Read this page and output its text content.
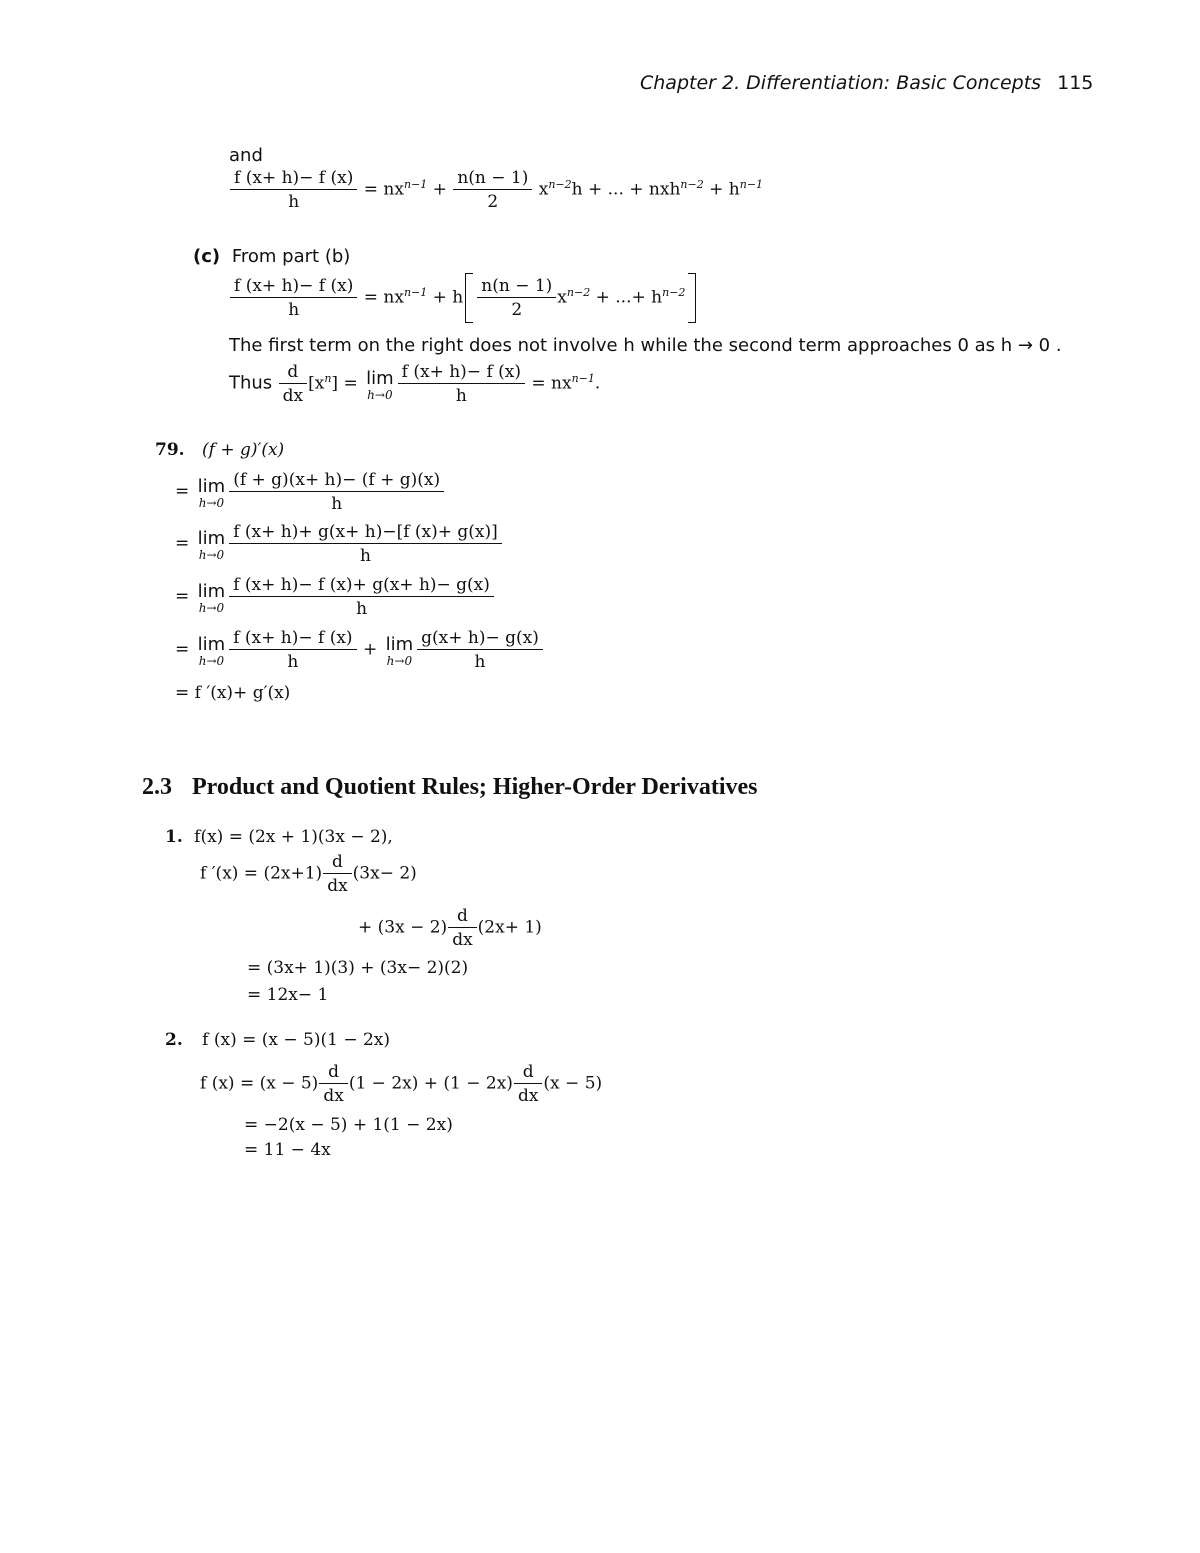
Chapter 2. Differentiation: Basic Concepts 115
and
$\frac{f (x+ h)- f (x)}{h} = nx^{n-1} + \frac{n(n - 1)}{2} x^{n-2}h$ + ... + $nxh^{n-2} + h^{n-1}$
(c) From part (b)
$\frac{f (x+ h)- f (x)}{h} = nx^{n-1} + h \frac{n(n - 1)}{2} x^{n-2}$ + ...+ $h^{n-2}$
The first term on the right does not involve h while the second term approaches 0 as h → 0 .
Thus $\frac{d}{dx} [x^n] = \lim$
$h\to 0 \frac{f (x+ h)- f (x)}{h} = nx^{n-1}$.
79. (f + g)′(x)
= lim
$h\to 0 \frac{(f + g)(x+ h)- (f + g)(x)}{h}$
= lim
$h\to 0 \frac{f (x+ h)+ g(x+ h)-[f (x)+ g(x)]}{h}$
= lim
$h\to 0 \frac{f (x+ h)- f (x)+ g(x+ h)- g(x)}{h}$
= lim
$h\to 0 \frac{f (x+ h)- f (x)}{h} + \lim$
$h\to 0 \frac{g(x+ h)- g(x)}{h}$
= f ′(x)+ g′(x)
2.3 Product and Quotient Rules; Higher-Order Derivatives
1. f(x) = (2x + 1)(3x − 2),
f $'(x) = (2x+1) \frac{d}{dx} (3x- 2)$
+ $(3x - 2) \frac{d}{dx} (2x+ 1)$
= (3x+ 1)(3) + (3x− 2)(2)
= 12x− 1
2. f (x) = (x − 5)(1 − 2x)
f $(x) = (x - 5) \frac{d}{dx} (1 - 2x) + (1 - 2x) \frac{d}{dx} (x - 5)$
= −2(x − 5) + 1(1 − 2x)
= 11 − 4x
